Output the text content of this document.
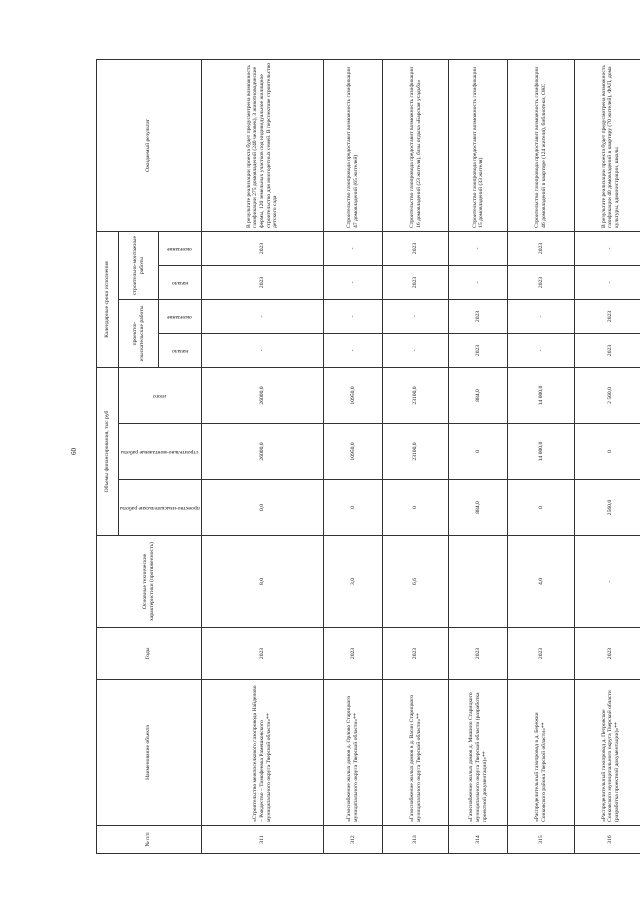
60
№ п/п	Наименование объекта	Годы	Основные технические характеристики (протяженность)	Объемы финансирования, тыс руб			Календарные сроки исполнения				Ожидаемый результат

				проектно-изыскательские работы	строительно-монтажные работы	итого	проектно-изыскательские работы		строительно-монтажные работы		

							начало	окончание	начало	окончание	

311	«Строительство межпоселкового газопровода Найденово – Рождество – Тимофеевка Рамешковского муниципального округа Тверской области»**	2023	8,0	0,0	26000,0	26000,0	-	-	2023	2023	В результате реализации проекта будет предусмотрена возможность газификации 275 домовладений (240 человек), 3 животноводческие фермы, 120 земельных участков под индивидуальное жилищное строительство для многодетных семей. В перспективе строительство детского сада
312	«Газоснабжение жилых домов д. Орлово Старицкого муниципального округа Тверской области»**	2023	3,0	0	10950,0	10950,0	-	-	-	-	Строительство газопровода предоставит возможность газификации 47 домовладений (65 жителей)
313	«Газоснабжение жилых домов в д. Васин Старицкого муниципального округа Тверской области»**	2023	6,6	0	23100,0	23100,0	-	-	2023	2023	Строительство газопровода предоставит возможность газификации 16 домовладений (23 жителя), базы отдыха «Барская усадьба»
314	«Газоснабжение жилых домов д. Мишино Старицкого муниципального округа Тверской области (разработка проектной документации)»**	2023		884,0	0	884,0	2023	2023	-	-	Строительство газопровода предоставит возможность газификации 15 домовладений (33 жителя)
315	«Распределительный газопровод в д. Бережки Сонковского района Тверской области»**	2023	4,0	0	14 000,0	14 000,0	-	-	2023	2023	Строительство газопровода предоставит возможность газификации 46 домовладений в квартире (124 жителя), библиотеки, ОКС
316	«Распределительный газопровод д. Петровское Сонковского муниципального округа Тверской области (разработка проектной документации)»**	2023	-	2560,0	0	2 560,0	2023	2023	-	-	В результате реализации проекта будет предусмотрена возможность газификации 40 домовладений в квартиру (70 жителей), ФАП, дома культуры, администрации, школы
